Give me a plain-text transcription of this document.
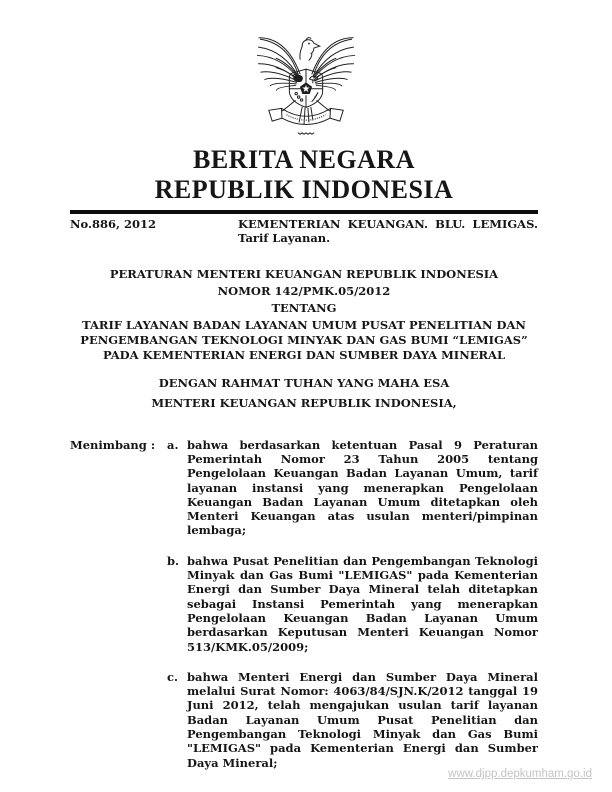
BERITA NEGARA
REPUBLIK INDONESIA
No.886, 2012	KEMENTERIAN KEUANGAN. BLU. LEMIGAS.
Tarif Layanan.

PERATURAN MENTERI KEUANGAN REPUBLIK INDONESIA

NOMOR 142/PMK.05/2012

TENTANG

TARIF LAYANAN BADAN LAYANAN UMUM PUSAT PENELITIAN DAN PENGEMBANGAN TEKNOLOGI MINYAK DAN GAS BUMI “LEMIGAS” PADA KEMENTERIAN ENERGI DAN SUMBER DAYA MINERAL

DENGAN RAHMAT TUHAN YANG MAHA ESA

MENTERI KEUANGAN REPUBLIK INDONESIA,

Menimbang :	a. bahwa berdasarkan ketentuan Pasal 9 Peraturan Pemerintah Nomor 23 Tahun 2005 tentang Pengelolaan Keuangan Badan Layanan Umum, tarif layanan instansi yang menerapkan Pengelolaan Keuangan Badan Layanan Umum ditetapkan oleh Menteri Keuangan atas usulan menteri/pimpinan lembaga;
b. bahwa Pusat Penelitian dan Pengembangan Teknologi Minyak dan Gas Bumi "LEMIGAS" pada Kementerian Energi dan Sumber Daya Mineral telah ditetapkan sebagai Instansi Pemerintah yang menerapkan Pengelolaan Keuangan Badan Layanan Umum berdasarkan Keputusan Menteri Keuangan Nomor 513/KMK.05/2009;
c. bahwa Menteri Energi dan Sumber Daya Mineral melalui Surat Nomor: 4063/84/SJN.K/2012 tanggal 19 Juni 2012, telah mengajukan usulan tarif layanan Badan Layanan Umum Pusat Penelitian dan Pengembangan Teknologi Minyak dan Gas Bumi "LEMIGAS" pada Kementerian Energi dan Sumber Daya Mineral;
www.djpp.depkumham.go.id
